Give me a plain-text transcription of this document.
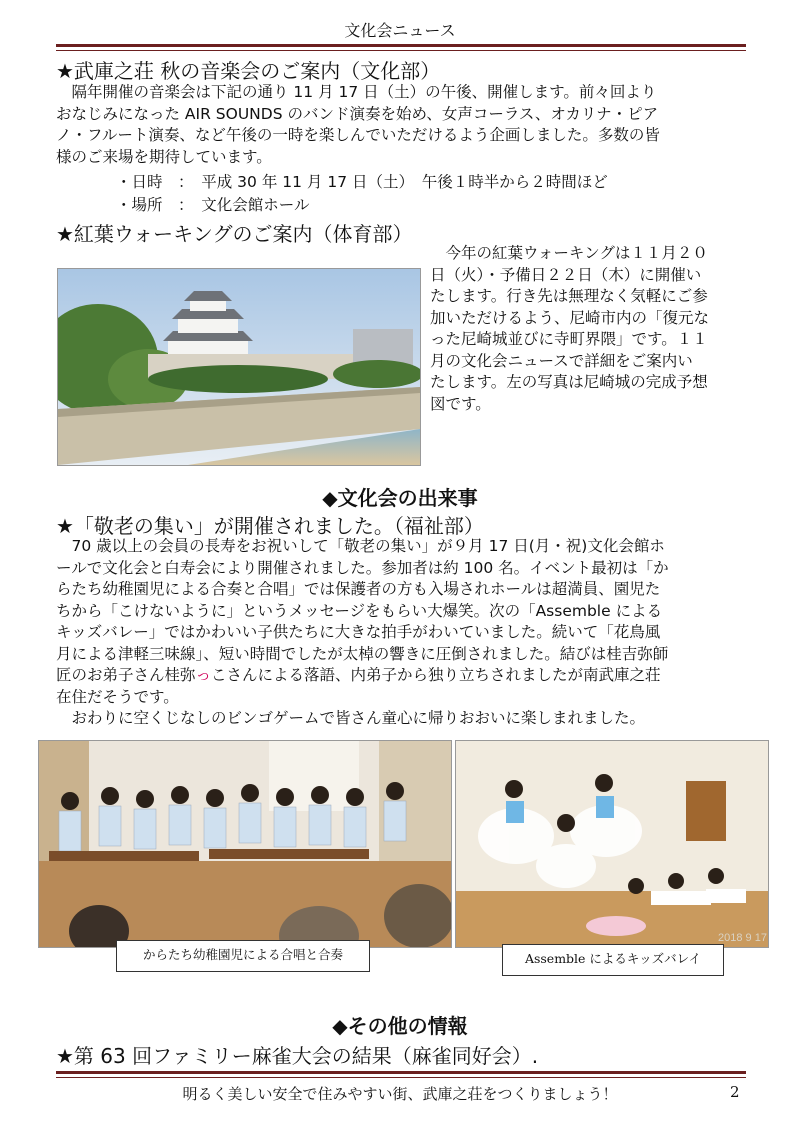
文化会ニュース
★武庫之荘 秋の音楽会のご案内（文化部）
　隔年開催の音楽会は下記の通り 11 月 17 日（土）の午後、開催します。前々回より
おなじみになった AIR SOUNDS のバンド演奏を始め、女声コーラス、オカリナ・ピア
ノ・フルート演奏、など午後の一時を楽しんでいただけるよう企画しました。多数の皆
様のご来場を期待しています。
・日時　：　平成 30 年 11 月 17 日（土）　午後１時半から２時間ほど
・場所　：　文化会館ホール
★紅葉ウォーキングのご案内（体育部）
　今年の紅葉ウォーキングは１１月２０
日（火）・予備日２２日（木）に開催い
たします。行き先は無理なく気軽にご参
加いただけるよう、尼崎市内の「復元な
った尼崎城並びに寺町界隈」です。１１
月の文化会ニュースで詳細をご案内い
たします。左の写真は尼崎城の完成予想
図です。
◆文化会の出来事
★「敬老の集い」が開催されました。（福祉部）
　70 歳以上の会員の長寿をお祝いして「敬老の集い」が９月 17 日(月・祝)文化会館ホ
ールで文化会と白寿会により開催されました。参加者は約 100 名。イベント最初は「か
らたち幼稚園児による合奏と合唱」では保護者の方も入場されホールは超満員、園児た
ちから「こけないように」というメッセージをもらい大爆笑。次の「Assemble による
キッズバレー」ではかわいい子供たちに大きな拍手がわいていました。続いて「花鳥風
月による津軽三味線」、短い時間でしたが太棹の響きに圧倒されました。結びは桂吉弥師
匠のお弟子さん桂弥っこさんによる落語、内弟子から独り立ちされましたが南武庫之荘
在住だそうです。
　おわりに空くじなしのビンゴゲームで皆さん童心に帰りおおいに楽しまれました。
からたち幼稚園児による合唱と合奏
2018 9 17
Assemble によるキッズバレイ
◆その他の情報
★第 63 回ファミリー麻雀大会の結果（麻雀同好会）.
明るく美しい安全で住みやすい街、武庫之荘をつくりましょう！	2
